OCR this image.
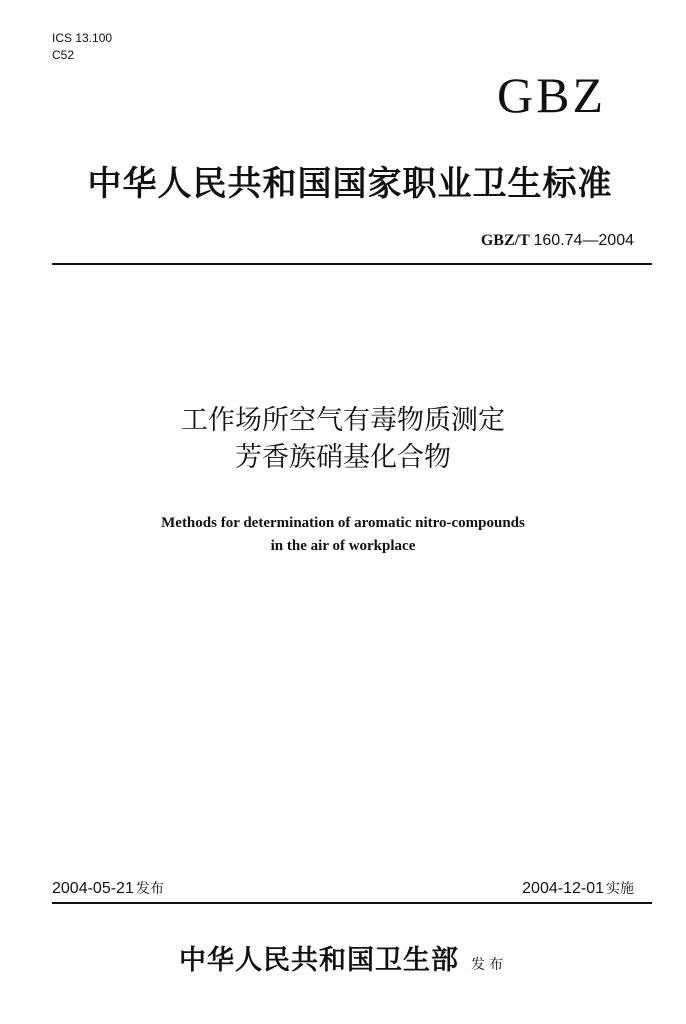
ICS 13.100
C52
GBZ
中华人民共和国国家职业卫生标准
GBZ/T 160.74—2004
工作场所空气有毒物质测定
芳香族硝基化合物
Methods for determination of aromatic nitro-compounds
in the air of workplace
2004-05-21 发布	2004-12-01 实施
中华人民共和国卫生部 发布
